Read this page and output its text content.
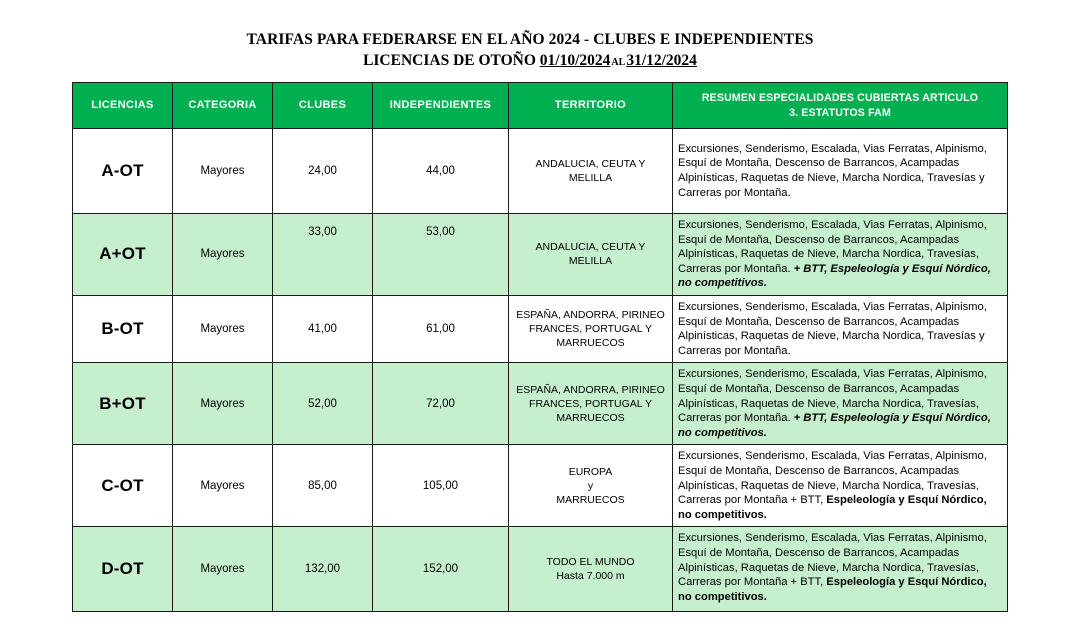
TARIFAS PARA FEDERARSE EN EL AÑO 2024 - CLUBES E INDEPENDIENTES
LICENCIAS DE OTOÑO 01/10/2024AL31/12/2024
LICENCIAS	CATEGORIA	CLUBES	INDEPENDIENTES	TERRITORIO	RESUMEN ESPECIALIDADES CUBIERTAS ARTICULO
3. ESTATUTOS FAM
A-OT	Mayores	24,00	44,00	ANDALUCIA, CEUTA Y MELILLA	Excursiones, Senderismo, Escalada, Vias Ferratas, Alpinismo, Esquí de Montaña, Descenso de Barrancos, Acampadas Alpinísticas, Raquetas de Nieve, Marcha Nordica, Travesías y Carreras por Montaña.
A+OT	Mayores	33,00	53,00	ANDALUCIA, CEUTA Y MELILLA	Excursiones, Senderismo, Escalada, Vias Ferratas, Alpinismo, Esquí de Montaña, Descenso de Barrancos, Acampadas Alpinísticas, Raquetas de Nieve, Marcha Nordica, Travesías, Carreras por Montaña. + BTT, Espeleología y Esquí Nórdico, no competitivos.
B-OT	Mayores	41,00	61,00	ESPAÑA, ANDORRA, PIRINEO
FRANCES, PORTUGAL Y
MARRUECOS	Excursiones, Senderismo, Escalada, Vias Ferratas, Alpinismo, Esquí de Montaña, Descenso de Barrancos, Acampadas Alpinísticas, Raquetas de Nieve, Marcha Nordica, Travesías y Carreras por Montaña.
B+OT	Mayores	52,00	72,00	
ESPAÑA, ANDORRA, PIRINEO
FRANCES, PORTUGAL Y
MARRUECOS
	Excursiones, Senderismo, Escalada, Vias Ferratas, Alpinismo, Esquí de Montaña, Descenso de Barrancos, Acampadas Alpinísticas, Raquetas de Nieve, Marcha Nordica, Travesías, Carreras por Montaña. + BTT, Espeleología y Esquí Nórdico, no competitivos.
C-OT	Mayores	85,00	105,00	
EUROPA
y
MARRUECOS
	Excursiones, Senderismo, Escalada, Vias Ferratas, Alpinismo, Esquí de Montaña, Descenso de Barrancos, Acampadas Alpinísticas, Raquetas de Nieve, Marcha Nordica, Travesías, Carreras por Montaña + BTT, Espeleología y Esquí Nórdico, no competitivos.
D-OT	Mayores	132,00	152,00	TODO EL MUNDO
Hasta 7.000 m	Excursiones, Senderismo, Escalada, Vias Ferratas, Alpinismo, Esquí de Montaña, Descenso de Barrancos, Acampadas Alpinísticas, Raquetas de Nieve, Marcha Nordica, Travesías, Carreras por Montaña + BTT, Espeleología y Esquí Nórdico, no competitivos.
